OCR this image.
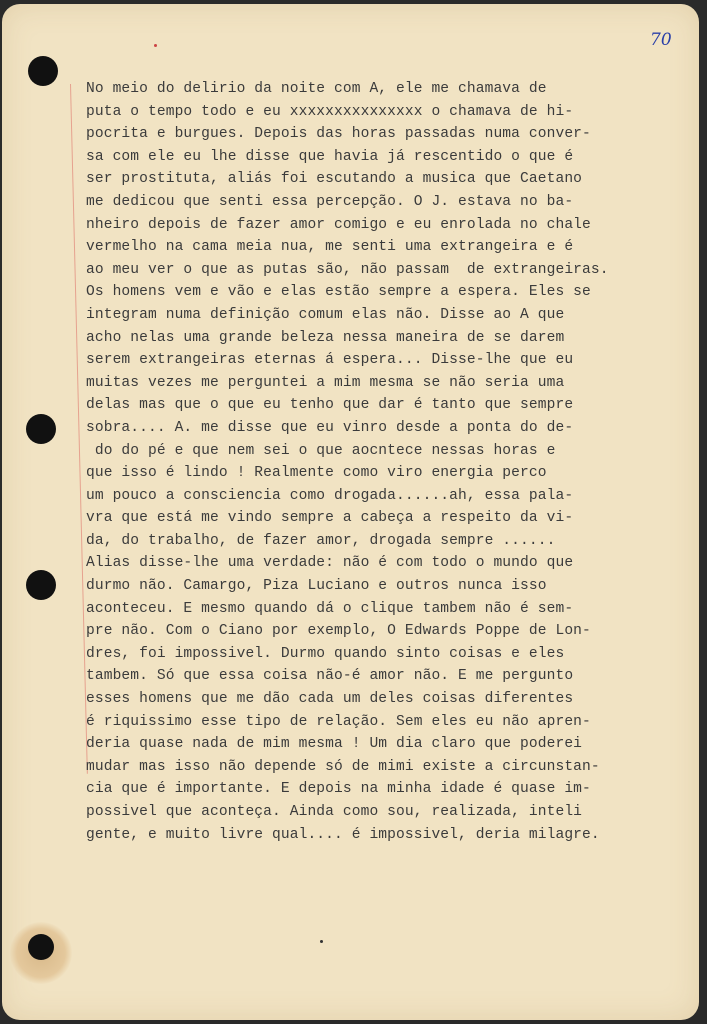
70
No meio do delirio da noite com A, ele me chamava de
puta o tempo todo e eu xxxxxxxxxxxxxxx o chamava de hi-
pocrita e burgues. Depois das horas passadas numa conver-
sa com ele eu lhe disse que havia já rescentido o que é
ser prostituta, aliás foi escutando a musica que Caetano
me dedicou que senti essa percepção. O J. estava no ba-
nheiro depois de fazer amor comigo e eu enrolada no chale
vermelho na cama meia nua, me senti uma extrangeira e é
ao meu ver o que as putas são, não passam  de extrangeiras.
Os homens vem e vão e elas estão sempre a espera. Eles se
integram numa definição comum elas não. Disse ao A que
acho nelas uma grande beleza nessa maneira de se darem
serem extrangeiras eternas á espera... Disse-lhe que eu
muitas vezes me perguntei a mim mesma se não seria uma
delas mas que o que eu tenho que dar é tanto que sempre
sobra.... A. me disse que eu vinro desde a ponta do de-
do do pé e que nem sei o que aocntece nessas horas e
que isso é lindo ! Realmente como viro energia perco
um pouco a consciencia como drogada......ah, essa pala-
vra que está me vindo sempre a cabeça a respeito da vi-
da, do trabalho, de fazer amor, drogada sempre ......
Alias disse-lhe uma verdade: não é com todo o mundo que
durmo não. Camargo, Piza Luciano e outros nunca isso
aconteceu. E mesmo quando dá o clique tambem não é sem-
pre não. Com o Ciano por exemplo, O Edwards Poppe de Lon-
dres, foi impossivel. Durmo quando sinto coisas e eles
tambem. Só que essa coisa não-é amor não. E me pergunto
esses homens que me dão cada um deles coisas diferentes
é riquissimo esse tipo de relação. Sem eles eu não apren-
deria quase nada de mim mesma ! Um dia claro que poderei
mudar mas isso não depende só de mimi existe a circunstan-
cia que é importante. E depois na minha idade é quase im-
possivel que aconteça. Ainda como sou, realizada, inteli
gente, e muito livre qual.... é impossivel, deria milagre.
